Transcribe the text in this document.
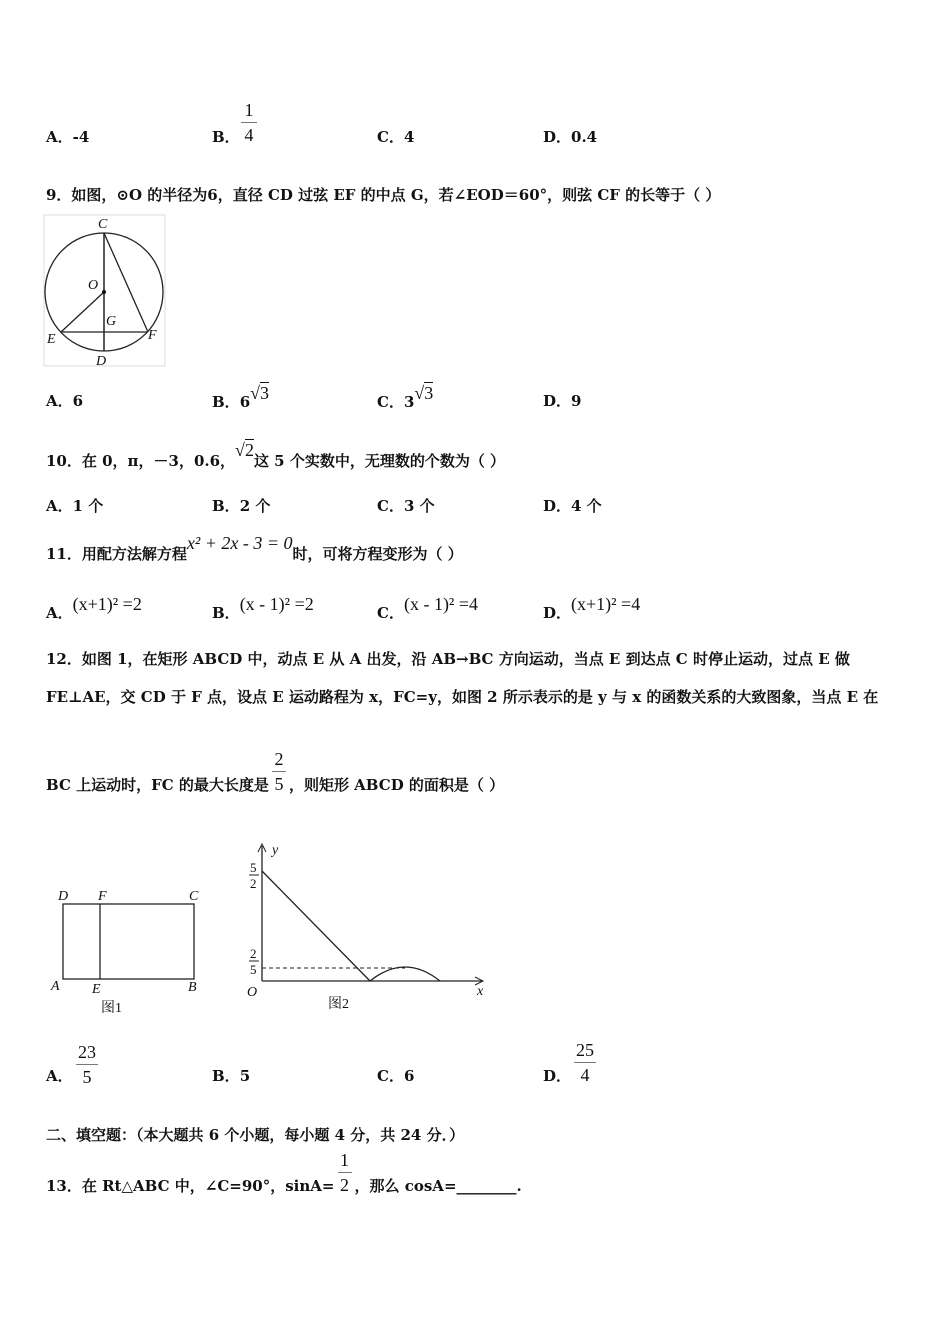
A．-4	B．
1
4	C．4	D．0.4
9．如图，⊙O 的半径为6，直径 CD 过弦 EF 的中点 G，若∠EOD＝60°，则弦 CF 的长等于（ ）
C
O
G
E	F
D
A．6	B．6√3	C．3√3	D．9
10．在 0，π，－3，0.6，√2这 5 个实数中，无理数的个数为（ ）
A．1 个	B．2 个	C．3 个	D．4 个
11．用配方法解方程x² + 2x - 3 = 0时，可将方程变形为（ ）
A．(x+1)² =2	B．(x - 1)² =2	C．(x - 1)² =4	D．(x+1)² =4
12．如图 1，在矩形 ABCD 中，动点 E 从 A 出发，沿 AB→BC 方向运动，当点 E 到达点 C 时停止运动，过点 E 做
FE⊥AE，交 CD 于 F 点，设点 E 运动路程为 x，FC=y，如图 2 所示表示的是 y 与 x 的函数关系的大致图象，当点 E 在
BC 上运动时，FC 的最大长度是
2
5 ，则矩形 ABCD 的面积是（ ）
D F	C
A E	B
图1
y
x
O
5
2
2
5
图2
A．
23
5	B．5	C．6	D．
25
4
二、填空题：（本大题共 6 个小题，每小题 4 分，共 24 分．）
13．在 Rt△ABC 中，∠C=90°，sinA=
1
2 ，那么 cosA=________.
